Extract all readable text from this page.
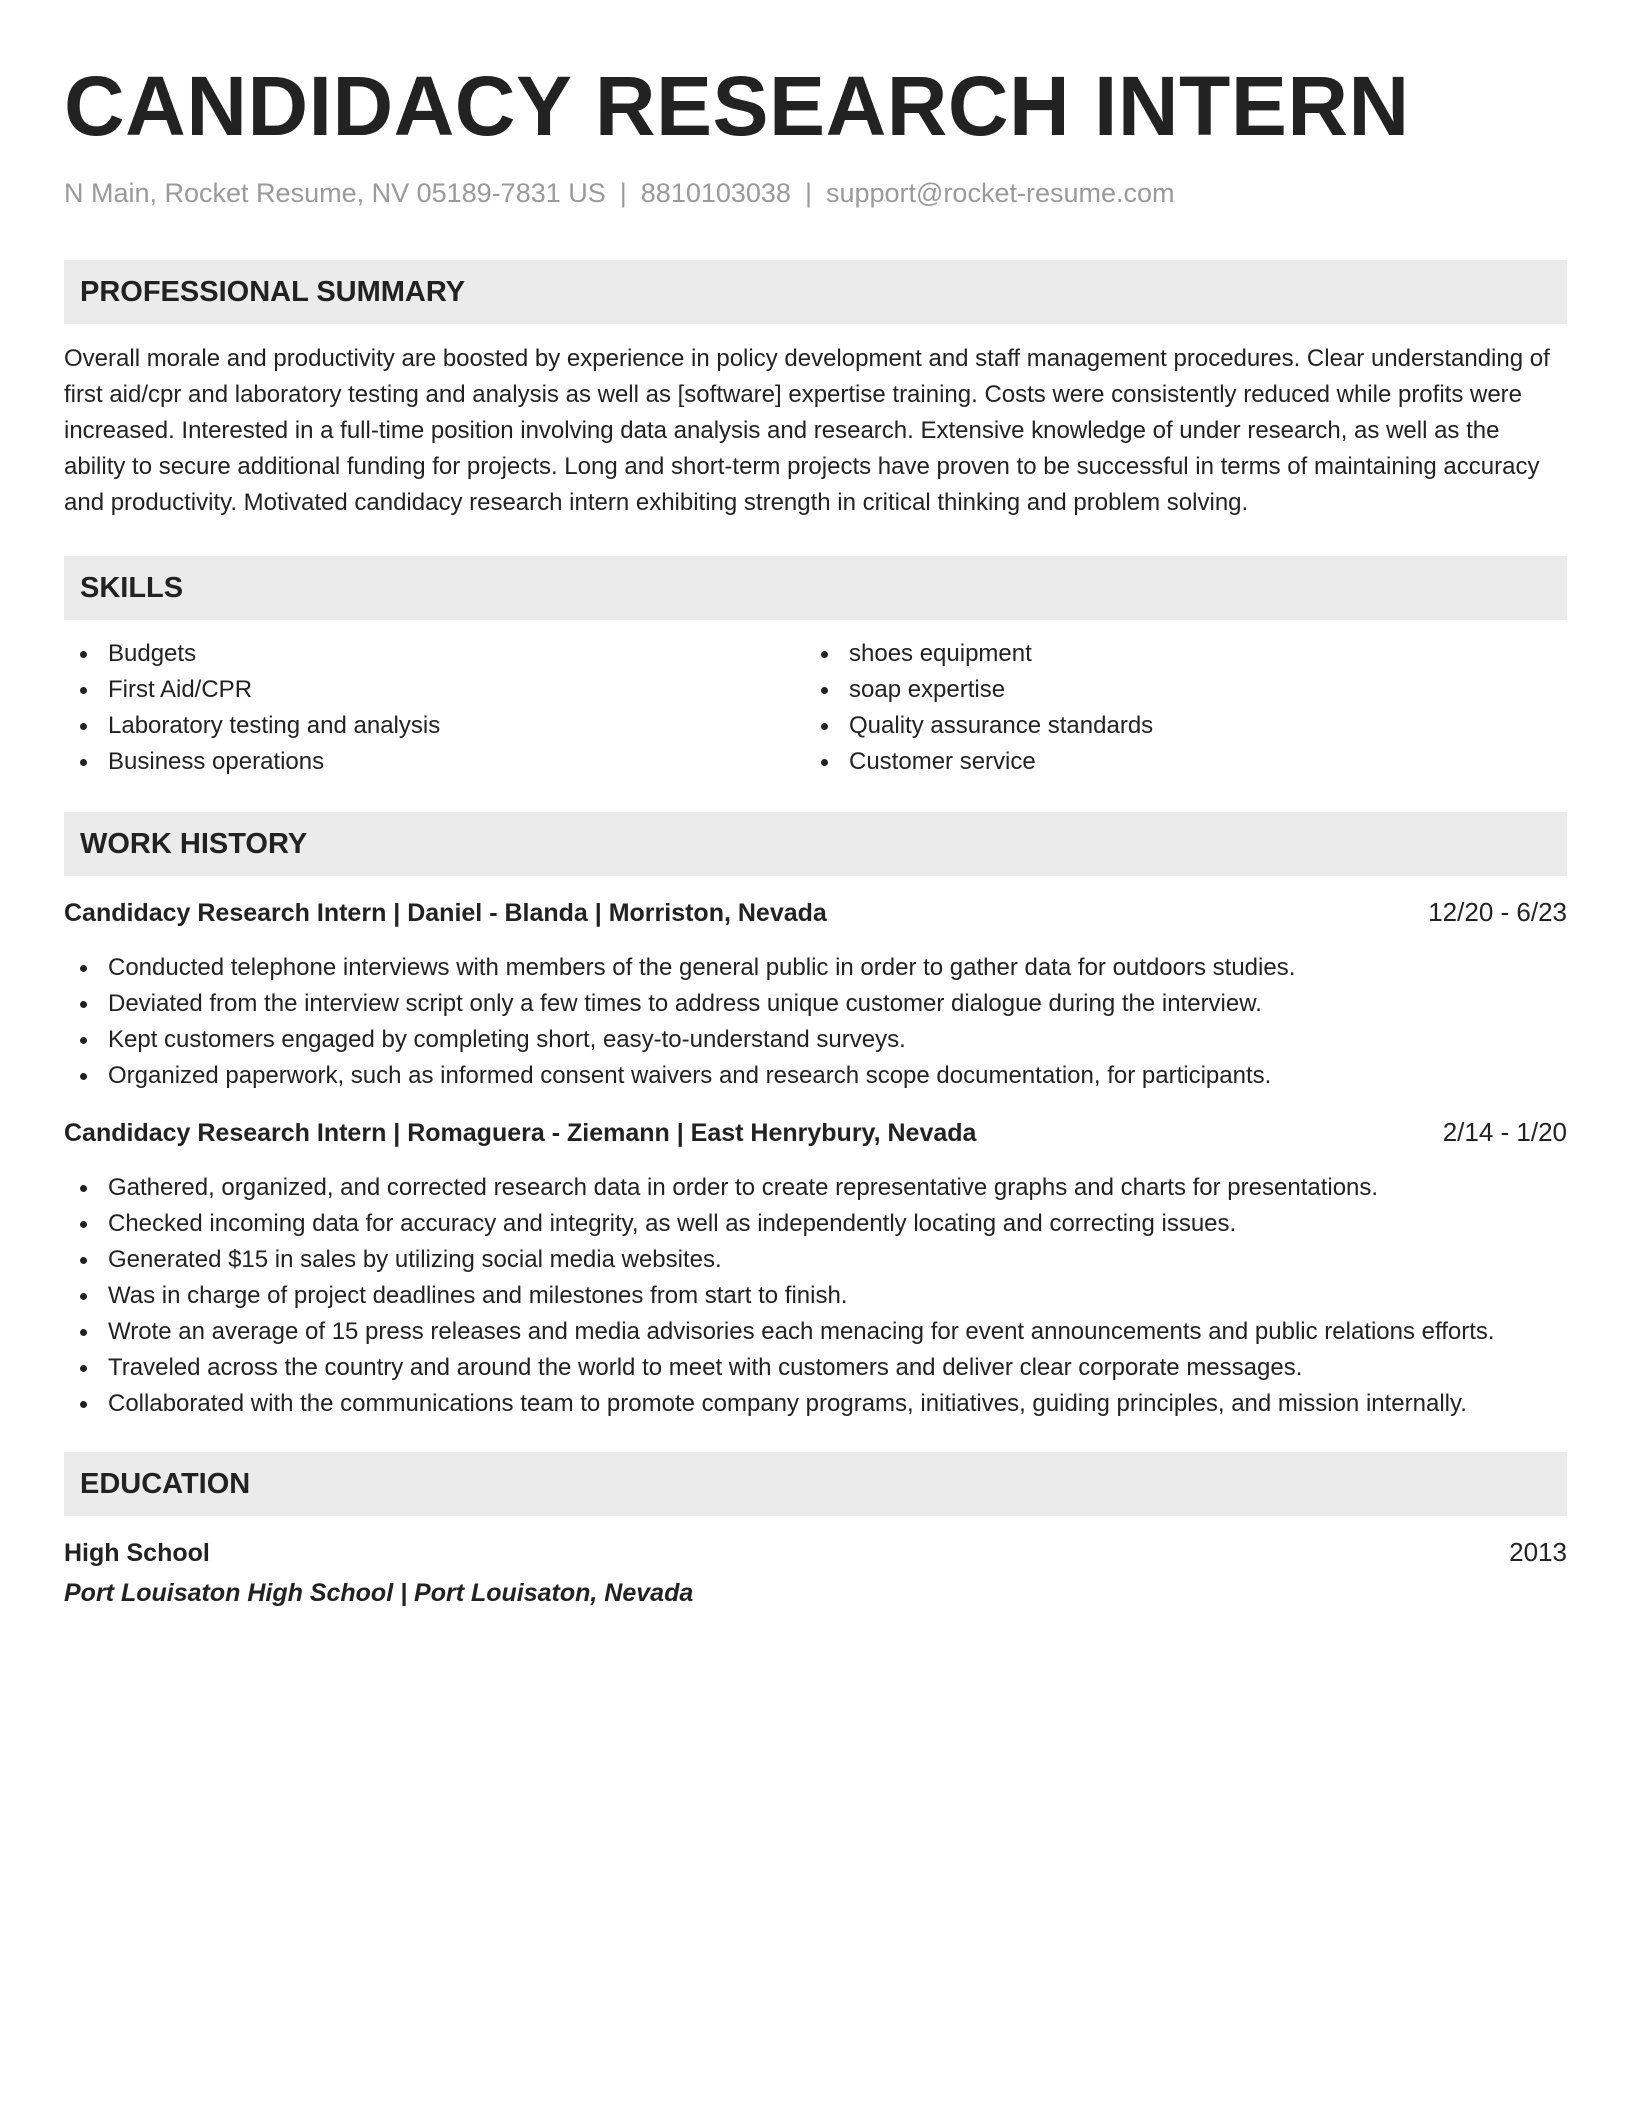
CANDIDACY RESEARCH INTERN
N Main, Rocket Resume, NV 05189-7831 US | 8810103038 | support@rocket-resume.com
PROFESSIONAL SUMMARY
Overall morale and productivity are boosted by experience in policy development and staff management procedures. Clear understanding of first aid/cpr and laboratory testing and analysis as well as [software] expertise training. Costs were consistently reduced while profits were increased. Interested in a full-time position involving data analysis and research. Extensive knowledge of under research, as well as the ability to secure additional funding for projects. Long and short-term projects have proven to be successful in terms of maintaining accuracy and productivity. Motivated candidacy research intern exhibiting strength in critical thinking and problem solving.
SKILLS
Budgets
First Aid/CPR
Laboratory testing and analysis
Business operations
shoes equipment
soap expertise
Quality assurance standards
Customer service
WORK HISTORY
Candidacy Research Intern | Daniel - Blanda | Morriston, Nevada	12/20 - 6/23
Conducted telephone interviews with members of the general public in order to gather data for outdoors studies.
Deviated from the interview script only a few times to address unique customer dialogue during the interview.
Kept customers engaged by completing short, easy-to-understand surveys.
Organized paperwork, such as informed consent waivers and research scope documentation, for participants.
Candidacy Research Intern | Romaguera - Ziemann | East Henrybury, Nevada	2/14 - 1/20
Gathered, organized, and corrected research data in order to create representative graphs and charts for presentations.
Checked incoming data for accuracy and integrity, as well as independently locating and correcting issues.
Generated $15 in sales by utilizing social media websites.
Was in charge of project deadlines and milestones from start to finish.
Wrote an average of 15 press releases and media advisories each menacing for event announcements and public relations efforts.
Traveled across the country and around the world to meet with customers and deliver clear corporate messages.
Collaborated with the communications team to promote company programs, initiatives, guiding principles, and mission internally.
EDUCATION
High School	2013
Port Louisaton High School | Port Louisaton, Nevada
